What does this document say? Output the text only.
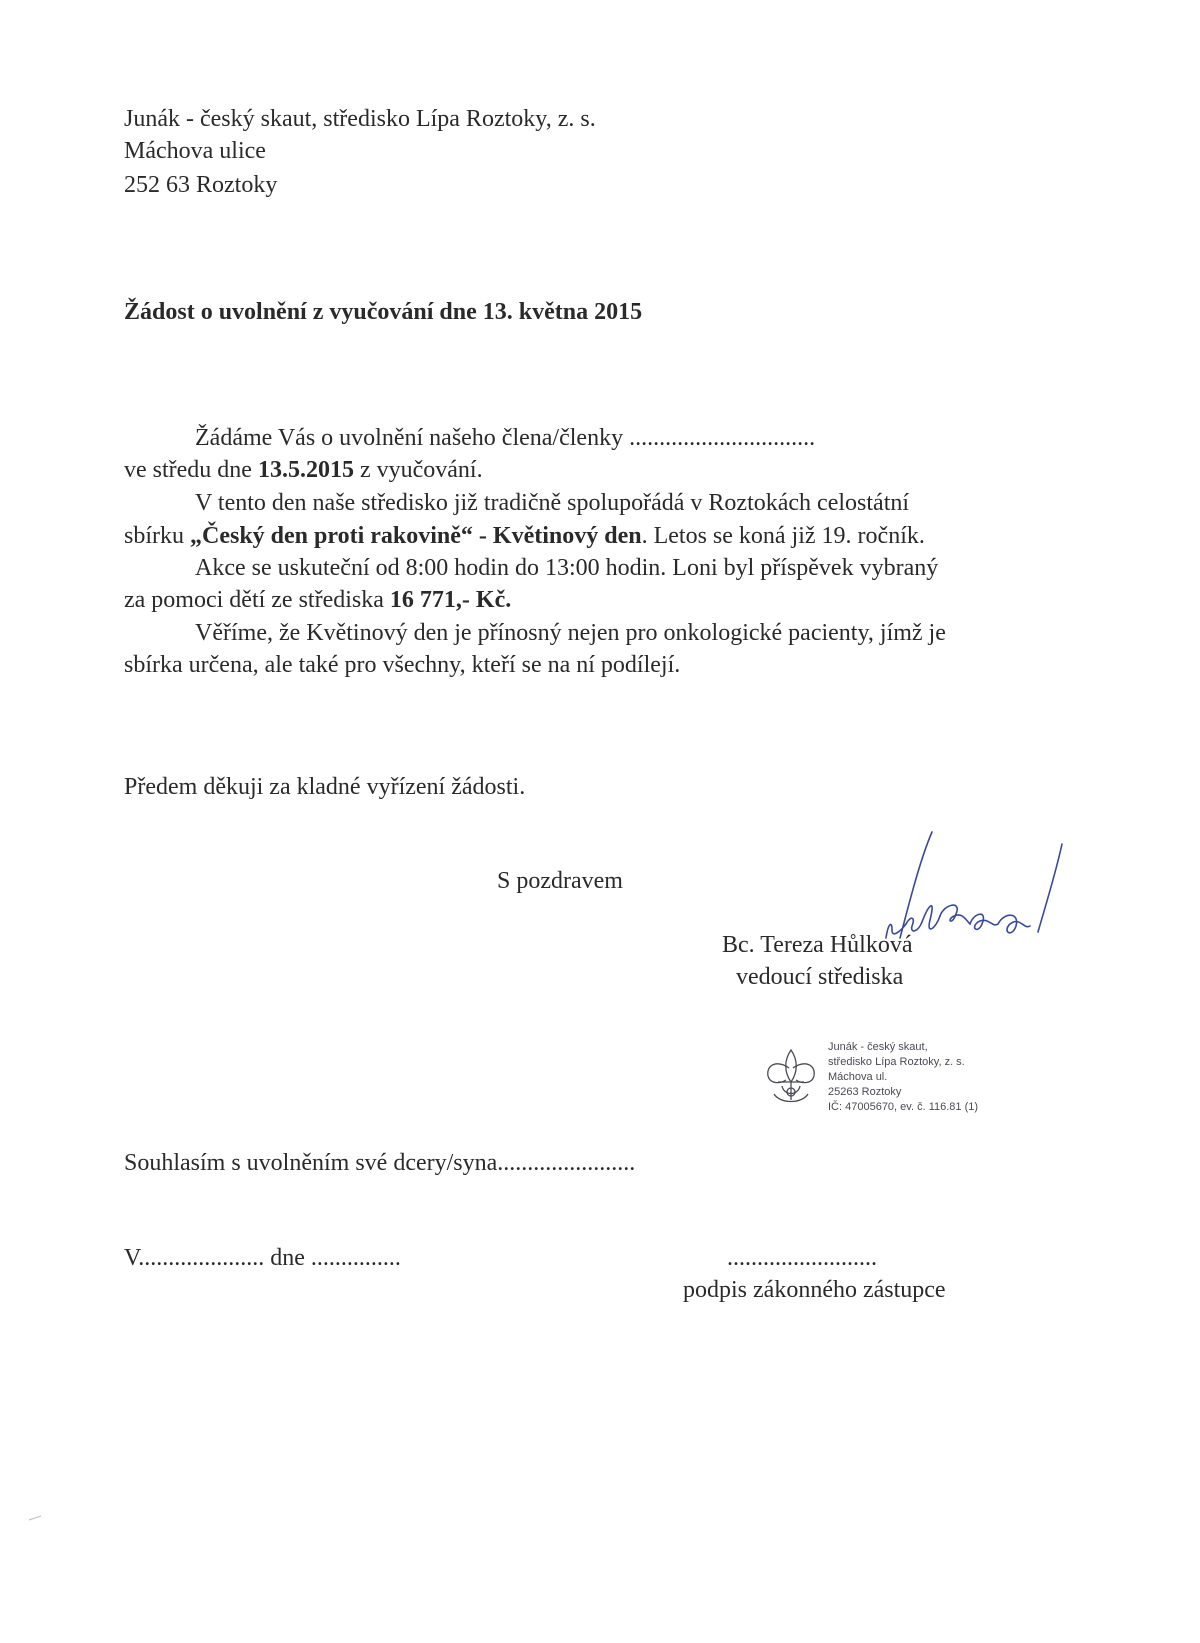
Junák - český skaut, středisko Lípa Roztoky, z. s.
Máchova ulice
252 63 Roztoky
Žádost o uvolnění z vyučování dne 13. května 2015
Žádáme Vás o uvolnění našeho člena/členky ...............................
ve středu dne 13.5.2015 z vyučování.
V tento den naše středisko již tradičně spolupořádá v Roztokách celostátní
sbírku „Český den proti rakovině“ - Květinový den. Letos se koná již 19. ročník.
Akce se uskuteční od 8:00 hodin do 13:00 hodin. Loni byl příspěvek vybraný
za pomoci dětí ze střediska 16 771,- Kč.
Věříme, že Květinový den je přínosný nejen pro onkologické pacienty, jímž je
sbírka určena, ale také pro všechny, kteří se na ní podílejí.
Předem děkuji za kladné vyřízení žádosti.
S pozdravem
Bc. Tereza Hůlková
vedoucí střediska
Junák - český skaut,
středisko Lípa Roztoky, z. s.
Máchova ul.
25263 Roztoky
IČ: 47005670, ev. č. 116.81 (1)
Souhlasím s uvolněním své dcery/syna.......................
V..................... dne ...............	.........................
podpis zákonného zástupce
